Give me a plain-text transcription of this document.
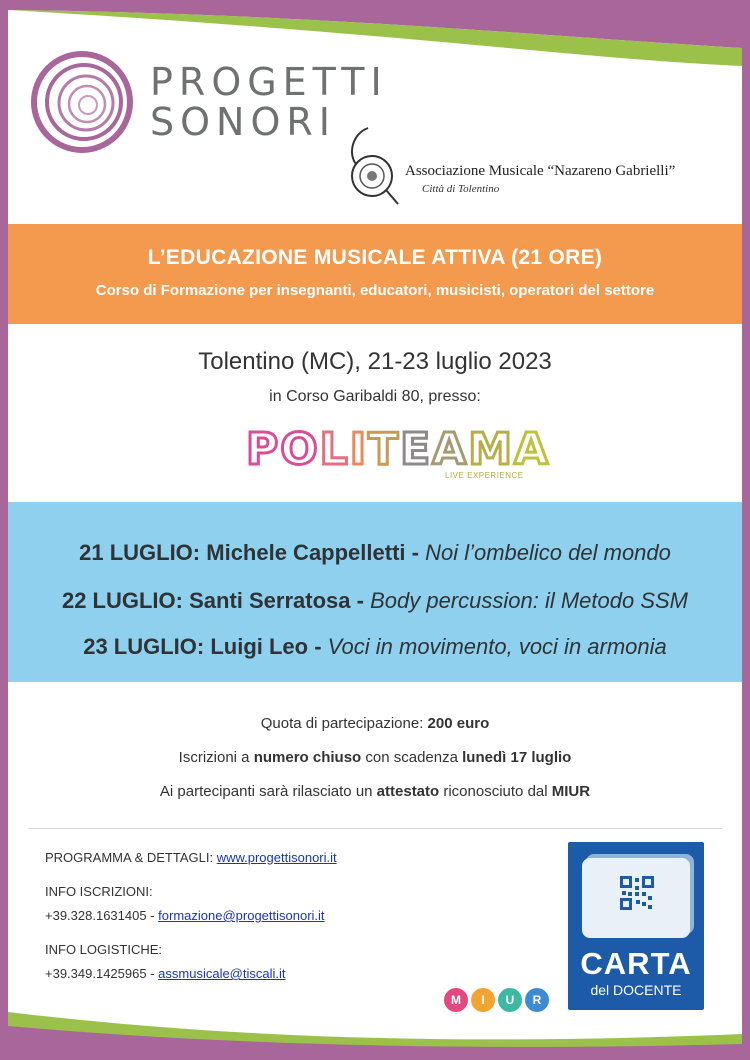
PROGETTI
SONORI
Associazione Musicale “Nazareno Gabrielli”
Città di Tolentino
L’EDUCAZIONE MUSICALE ATTIVA (21 ORE)

Corso di Formazione per insegnanti, educatori, musicisti, operatori del settore

Tolentino (MC), 21-23 luglio 2023
in Corso Garibaldi 80, presso:
POLITEAMA
LIVE EXPERIENCE
21 LUGLIO: Michele Cappelletti - Noi l’ombelico del mondo
22 LUGLIO: Santi Serratosa - Body percussion: il Metodo SSM
23 LUGLIO: Luigi Leo - Voci in movimento, voci in armonia
Quota di partecipazione: 200 euro
Iscrizioni a numero chiuso con scadenza lunedì 17 luglio
Ai partecipanti sarà rilasciato un attestato riconosciuto dal MIUR
PROGRAMMA & DETTAGLI: www.progettisonori.it
INFO ISCRIZIONI:
+39.328.1631405 - formazione@progettisonori.it
INFO LOGISTICHE:
+39.349.1425965 - assmusicale@tiscali.it
M	I	U	R
CARTA
del DOCENTE
